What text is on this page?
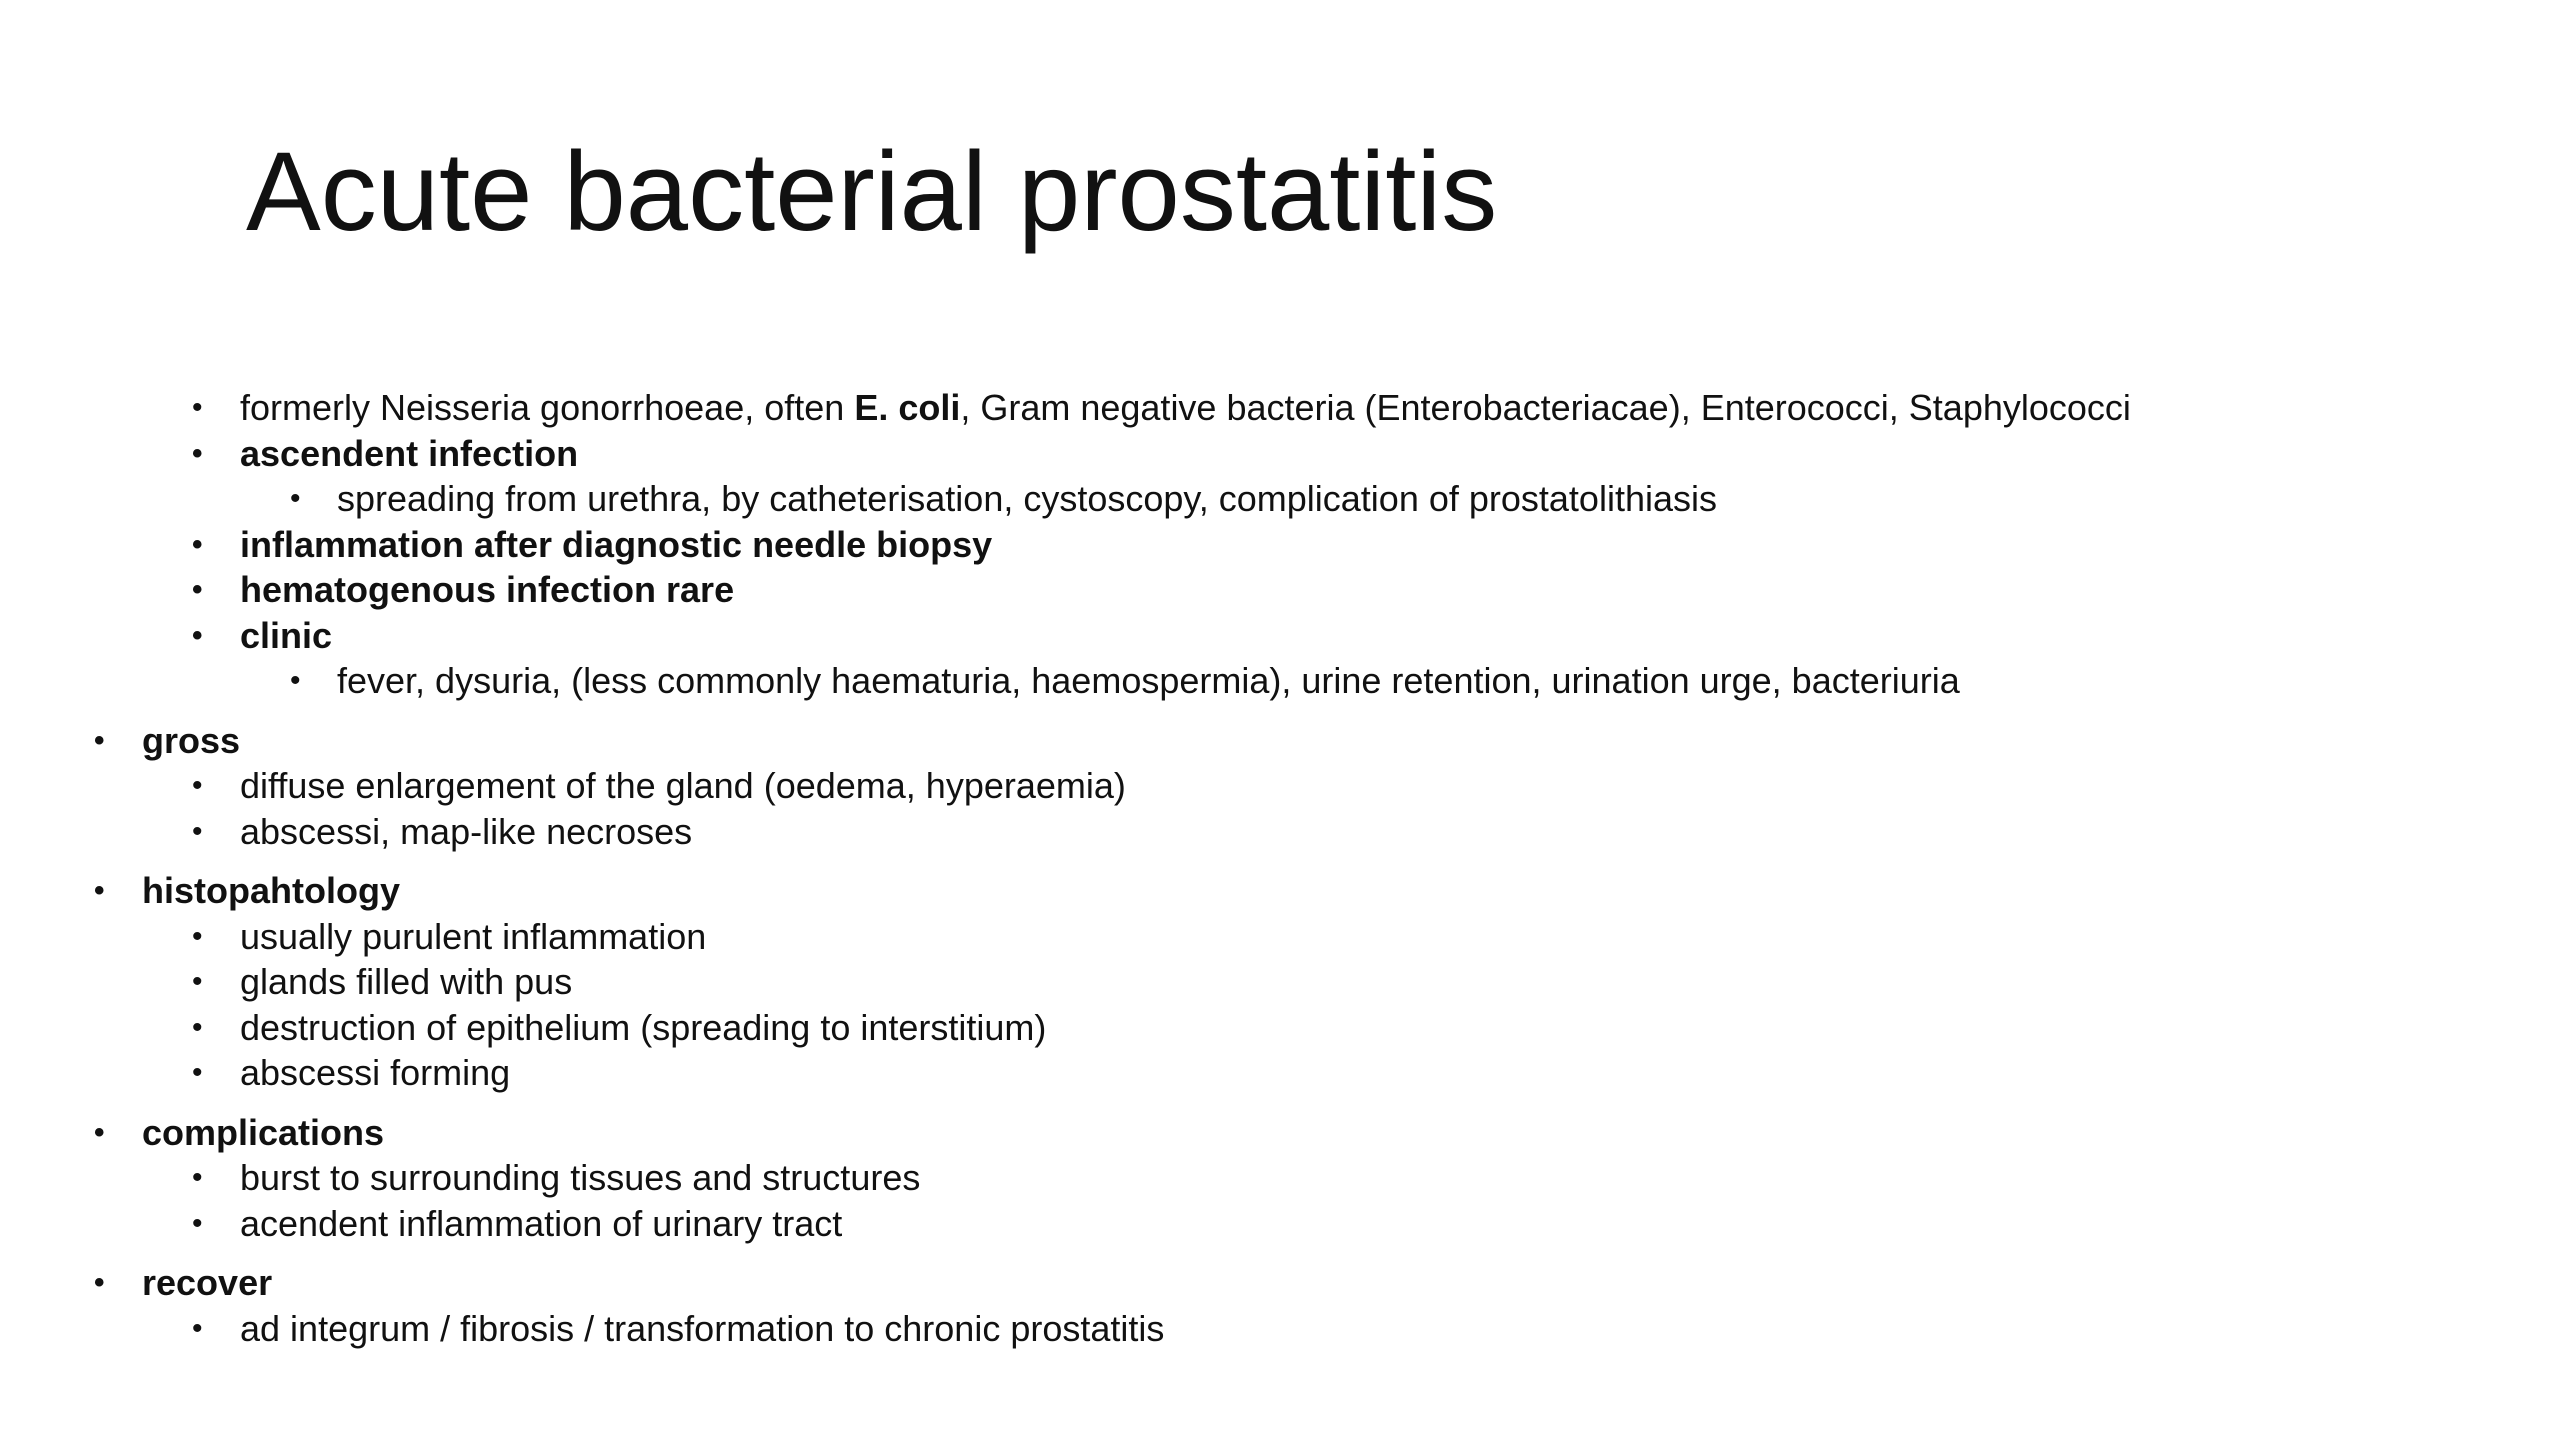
Acute bacterial prostatitis
• formerly Neisseria gonorrhoeae, often E. coli, Gram negative bacteria (Enterobacteriacae), Enterococci, Staphylococci
• ascendent infection
• spreading from urethra, by catheterisation, cystoscopy, complication of prostatolithiasis
• inflammation after diagnostic needle biopsy
• hematogenous infection rare
• clinic
• fever, dysuria, (less commonly haematuria, haemospermia), urine retention, urination urge, bacteriuria
• gross
• diffuse enlargement of the gland (oedema, hyperaemia)
• abscessi, map-like necroses
• histopahtology
• usually purulent inflammation
• glands filled with pus
• destruction of epithelium (spreading to interstitium)
• abscessi forming
• complications
• burst to surrounding tissues and structures
• acendent inflammation of urinary tract
• recover
• ad integrum / fibrosis / transformation to chronic prostatitis
